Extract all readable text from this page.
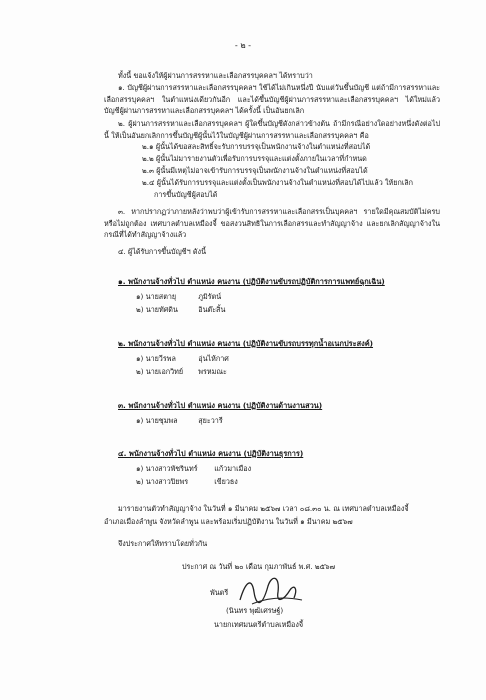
- ๒ -
ทั้งนี้ ขอแจ้งให้ผู้ผ่านการสรรหาและเลือกสรรบุคคลฯ ได้ทราบว่า
๑. บัญชีผู้ผ่านการสรรหาและเลือกสรรบุคคลฯ ใช้ได้ไม่เกินหนึ่งปี นับแต่วันขึ้นบัญชี แต่ถ้ามีการสรรหาและเลือกสรรบุคคลฯ ในตำแหน่งเดียวกันอีก และได้ขึ้นบัญชีผู้ผ่านการสรรหาและเลือกสรรบุคคลฯ ได้ใหม่แล้ว บัญชีผู้ผ่านการสรรหาและเลือกสรรบุคคลฯ ได้ครั้งนี้ เป็นอันยกเลิก
๒. ผู้ผ่านการสรรหาและเลือกสรรบุคคลฯ ผู้ใดขึ้นบัญชีดังกล่าวข้างต้น ถ้ามีกรณีอย่างใดอย่างหนึ่งดังต่อไปนี้ ให้เป็นอันยกเลิกการขึ้นบัญชีผู้นั้นไว้ในบัญชีผู้ผ่านการสรรหาและเลือกสรรบุคคลฯ คือ
๒.๑ ผู้นั้นได้ขอสละสิทธิ์จะรับการบรรจุเป็นพนักงานจ้างในตำแหน่งที่สอบได้
๒.๒ ผู้นั้นไม่มารายงานตัวเพื่อรับการบรรจุและแต่งตั้งภายในเวลาที่กำหนด
๒.๓ ผู้นั้นมีเหตุไม่อาจเข้ารับการบรรจุเป็นพนักงานจ้างในตำแหน่งที่สอบได้
๒.๔ ผู้นั้นได้รับการบรรจุและแต่งตั้งเป็นพนักงานจ้างในตำแหน่งที่สอบได้ไปแล้ว ให้ยกเลิก
การขึ้นบัญชีผู้สอบได้
๓. หากปรากฏว่าภายหลังว่าพบว่าผู้เข้ารับการสรรหาและเลือกสรรเป็นบุคคลฯ รายใดมีคุณสมบัติไม่ครบหรือไม่ถูกต้อง เทศบาลตำบลเหมืองจี้ ขอสงวนสิทธิในการเลือกสรรและทำสัญญาจ้าง และยกเลิกสัญญาจ้างในกรณีที่ได้ทำสัญญาจ้างแล้ว
๔. ผู้ได้รับการขึ้นบัญชีฯ ดังนี้
๑. พนักงานจ้างทั่วไป ตำแหน่ง คนงาน (ปฏิบัติงานขับรถปฏิบัติการการแพทย์ฉุกเฉิน)
๑) นายสตายุ	ภูมิรัตน์
๒) นายทัศดิน	อินต๊ะสิ้น
๒. พนักงานจ้างทั่วไป ตำแหน่ง คนงาน (ปฏิบัติงานขับรถบรรทุกน้ำอเนกประสงค์)
๑) นายวีรพล	อุ่นไห้กาศ
๒) นายเอกวิทย์ พรหมณะ
๓. พนักงานจ้างทั่วไป ตำแหน่ง คนงาน (ปฏิบัติงานด้านงานสวน)
๑) นายชุมพล	สุยะวารี
๔. พนักงานจ้างทั่วไป ตำแหน่ง คนงาน (ปฏิบัติงานธุรการ)
๑) นางสาวพัชรินทร์ แก้วมาเมือง
๒) นางสาวปิยพร	เขียวธง
มารายงานตัวทำสัญญาจ้าง ในวันที่ ๑ มีนาคม ๒๕๖๗ เวลา ๐๘.๓๐ น. ณ เทศบาลตำบลเหมืองจี้
อำเภอเมืองลำพูน จังหวัดลำพูน และพร้อมเริ่มปฏิบัติงาน ในวันที่ ๑ มีนาคม ๒๕๖๗
จึงประกาศให้ทราบโดยทั่วกัน
ประกาศ ณ วันที่ ๒๐ เดือน กุมภาพันธ์ พ.ศ. ๒๕๖๗
พันตรี
(นินทร พุฒิเศรษฐ์)
นายกเทศมนตรีตำบลเหมืองจี้
